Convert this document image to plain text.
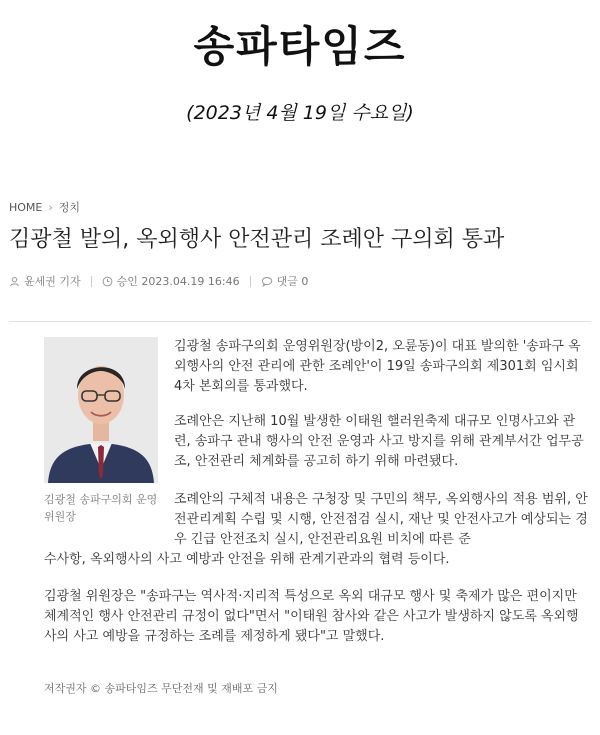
송파타임즈
(2023년 4월 19일 수요일)
HOME › 정치
김광철 발의, 옥외행사 안전관리 조례안 구의회 통과
윤세권 기자	승인 2023.04.19 16:46	댓글 0
김광철 송파구의회 운영위원장

김광철 송파구의회 운영위원장(방이2, 오륜동)이 대표 발의한 '송파구 옥외행사의 안전 관리에 관한 조례안'이 19일 송파구의회 제301회 임시회 4차 본회의를 통과했다.

조례안은 지난해 10월 발생한 이태원 핼러윈축제 대규모 인명사고와 관련, 송파구 관내 행사의 안전 운영과 사고 방지를 위해 관계부서간 업무공조, 안전관리 체계화를 공고히 하기 위해 마련됐다.

조례안의 구체적 내용은 구청장 및 구민의 책무, 옥외행사의 적용 범위, 안전관리계획 수립 및 시행, 안전점검 실시, 재난 및 안전사고가 예상되는 경우 긴급 안전조치 실시, 안전관리요원 비치에 따른 준

수사항, 옥외행사의 사고 예방과 안전을 위해 관계기관과의 협력 등이다.

김광철 위원장은 "송파구는 역사적·지리적 특성으로 옥외 대규모 행사 및 축제가 많은 편이지만 체계적인 행사 안전관리 규정이 없다"면서 "이태원 참사와 같은 사고가 발생하지 않도록 옥외행사의 사고 예방을 규정하는 조례를 제정하게 됐다"고 말했다.

저작권자 © 송파타임즈 무단전재 및 재배포 금지
